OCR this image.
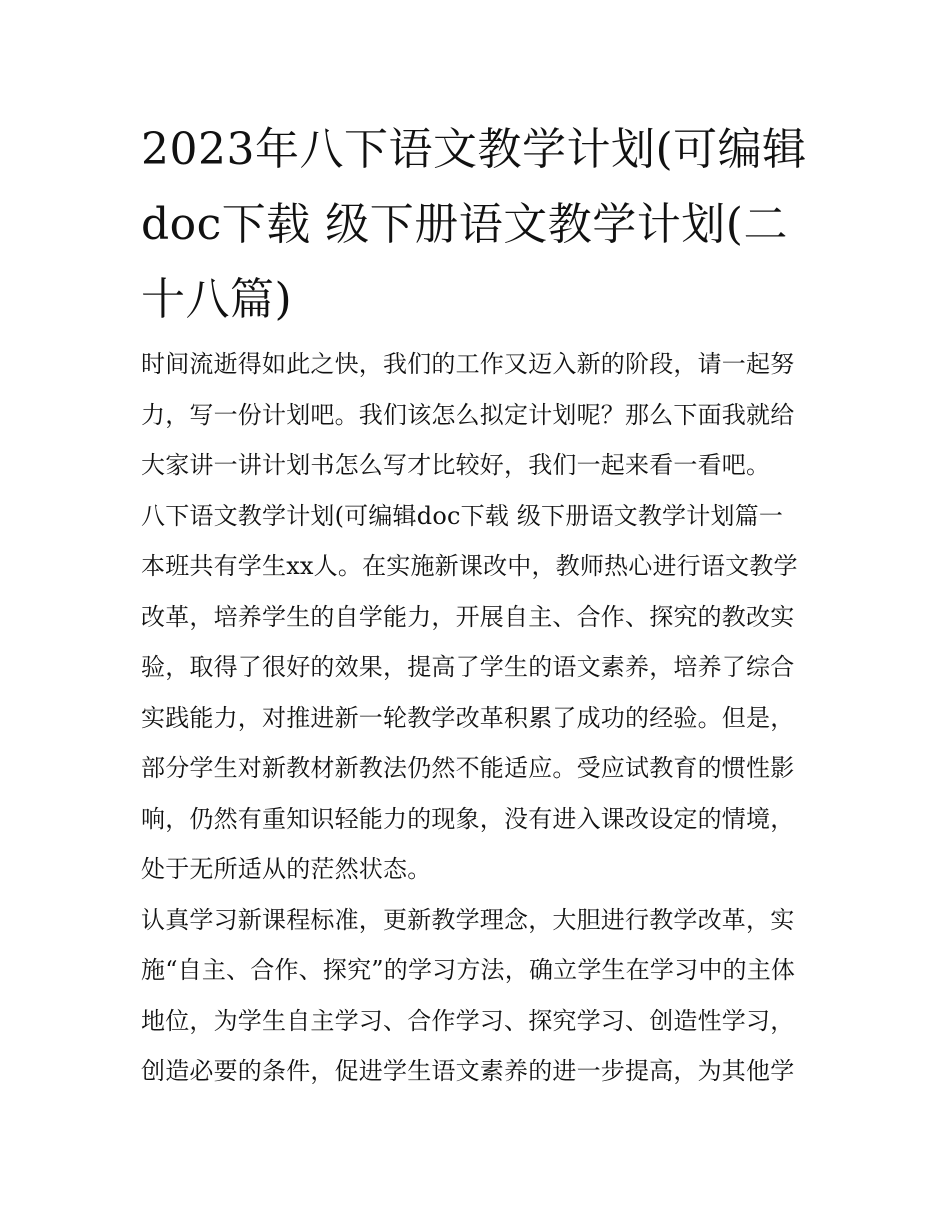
2023年八下语文教学计划(可编辑doc下载 级下册语文教学计划(二十八篇)

时间流逝得如此之快，我们的工作又迈入新的阶段，请一起努力，写一份计划吧。我们该怎么拟定计划呢？那么下面我就给大家讲一讲计划书怎么写才比较好，我们一起来看一看吧。

八下语文教学计划(可编辑doc下载 级下册语文教学计划篇一

本班共有学生xx人。在实施新课改中，教师热心进行语文教学改革，培养学生的自学能力，开展自主、合作、探究的教改实验，取得了很好的效果，提高了学生的语文素养，培养了综合实践能力，对推进新一轮教学改革积累了成功的经验。但是，部分学生对新教材新教法仍然不能适应。受应试教育的惯性影响，仍然有重知识轻能力的现象，没有进入课改设定的情境，处于无所适从的茫然状态。

认真学习新课程标准，更新教学理念，大胆进行教学改革，实施“自主、合作、探究”的学习方法，确立学生在学习中的主体地位，为学生自主学习、合作学习、探究学习、创造性学习，创造必要的条件，促进学生语文素养的进一步提高，为其他学
